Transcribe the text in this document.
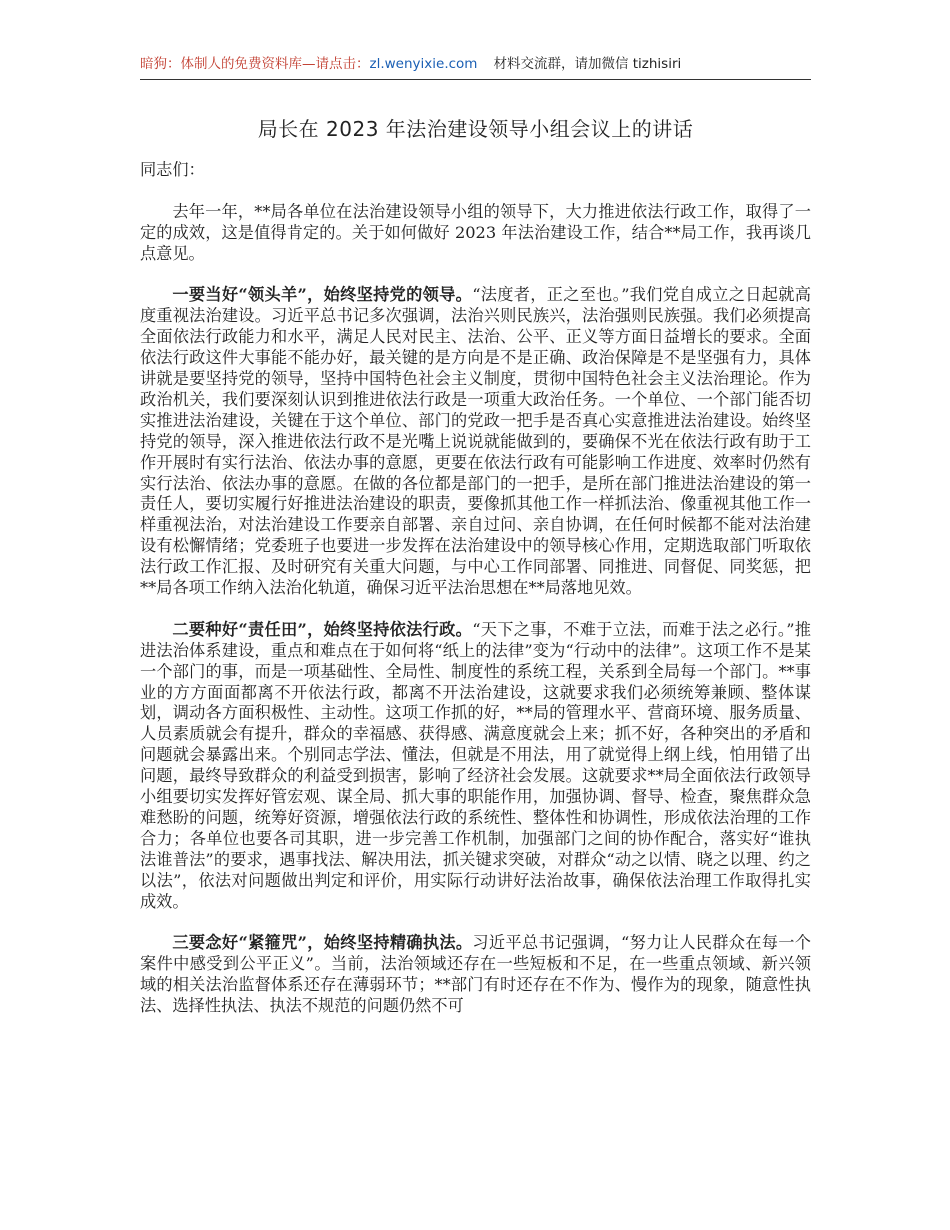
暗狗：体制人的免费资料库—请点击：zl.wenyixie.com 材料交流群，请加微信 tizhisiri
局长在 2023 年法治建设领导小组会议上的讲话

同志们：

去年一年，**局各单位在法治建设领导小组的领导下，大力推进依法行政工作，取得了一定的成效，这是值得肯定的。关于如何做好 2023 年法治建设工作，结合**局工作，我再谈几点意见。

一要当好“领头羊”，始终坚持党的领导。“法度者，正之至也。”我们党自成立之日起就高度重视法治建设。习近平总书记多次强调，法治兴则民族兴，法治强则民族强。我们必须提高全面依法行政能力和水平，满足人民对民主、法治、公平、正义等方面日益增长的要求。全面依法行政这件大事能不能办好，最关键的是方向是不是正确、政治保障是不是坚强有力，具体讲就是要坚持党的领导，坚持中国特色社会主义制度，贯彻中国特色社会主义法治理论。作为政治机关，我们要深刻认识到推进依法行政是一项重大政治任务。一个单位、一个部门能否切实推进法治建设，关键在于这个单位、部门的党政一把手是否真心实意推进法治建设。始终坚持党的领导，深入推进依法行政不是光嘴上说说就能做到的，要确保不光在依法行政有助于工作开展时有实行法治、依法办事的意愿，更要在依法行政有可能影响工作进度、效率时仍然有实行法治、依法办事的意愿。在做的各位都是部门的一把手，是所在部门推进法治建设的第一责任人，要切实履行好推进法治建设的职责，要像抓其他工作一样抓法治、像重视其他工作一样重视法治，对法治建设工作要亲自部署、亲自过问、亲自协调，在任何时候都不能对法治建设有松懈情绪；党委班子也要进一步发挥在法治建设中的领导核心作用，定期选取部门听取依法行政工作汇报、及时研究有关重大问题，与中心工作同部署、同推进、同督促、同奖惩，把**局各项工作纳入法治化轨道，确保习近平法治思想在**局落地见效。

二要种好“责任田”，始终坚持依法行政。“天下之事，不难于立法，而难于法之必行。”推进法治体系建设，重点和难点在于如何将“纸上的法律”变为“行动中的法律”。这项工作不是某一个部门的事，而是一项基础性、全局性、制度性的系统工程，关系到全局每一个部门。**事业的方方面面都离不开依法行政，都离不开法治建设，这就要求我们必须统筹兼顾、整体谋划，调动各方面积极性、主动性。这项工作抓的好，**局的管理水平、营商环境、服务质量、人员素质就会有提升，群众的幸福感、获得感、满意度就会上来；抓不好，各种突出的矛盾和问题就会暴露出来。个别同志学法、懂法，但就是不用法，用了就觉得上纲上线，怕用错了出问题，最终导致群众的利益受到损害，影响了经济社会发展。这就要求**局全面依法行政领导小组要切实发挥好管宏观、谋全局、抓大事的职能作用，加强协调、督导、检查，聚焦群众急难愁盼的问题，统筹好资源，增强依法行政的系统性、整体性和协调性，形成依法治理的工作合力；各单位也要各司其职，进一步完善工作机制，加强部门之间的协作配合，落实好“谁执法谁普法”的要求，遇事找法、解决用法，抓关键求突破，对群众“动之以情、晓之以理、约之以法”，依法对问题做出判定和评价，用实际行动讲好法治故事，确保依法治理工作取得扎实成效。

三要念好“紧箍咒”，始终坚持精确执法。习近平总书记强调，“努力让人民群众在每一个案件中感受到公平正义”。当前，法治领域还存在一些短板和不足，在一些重点领域、新兴领域的相关法治监督体系还存在薄弱环节；**部门有时还存在不作为、慢作为的现象，随意性执法、选择性执法、执法不规范的问题仍然不可
